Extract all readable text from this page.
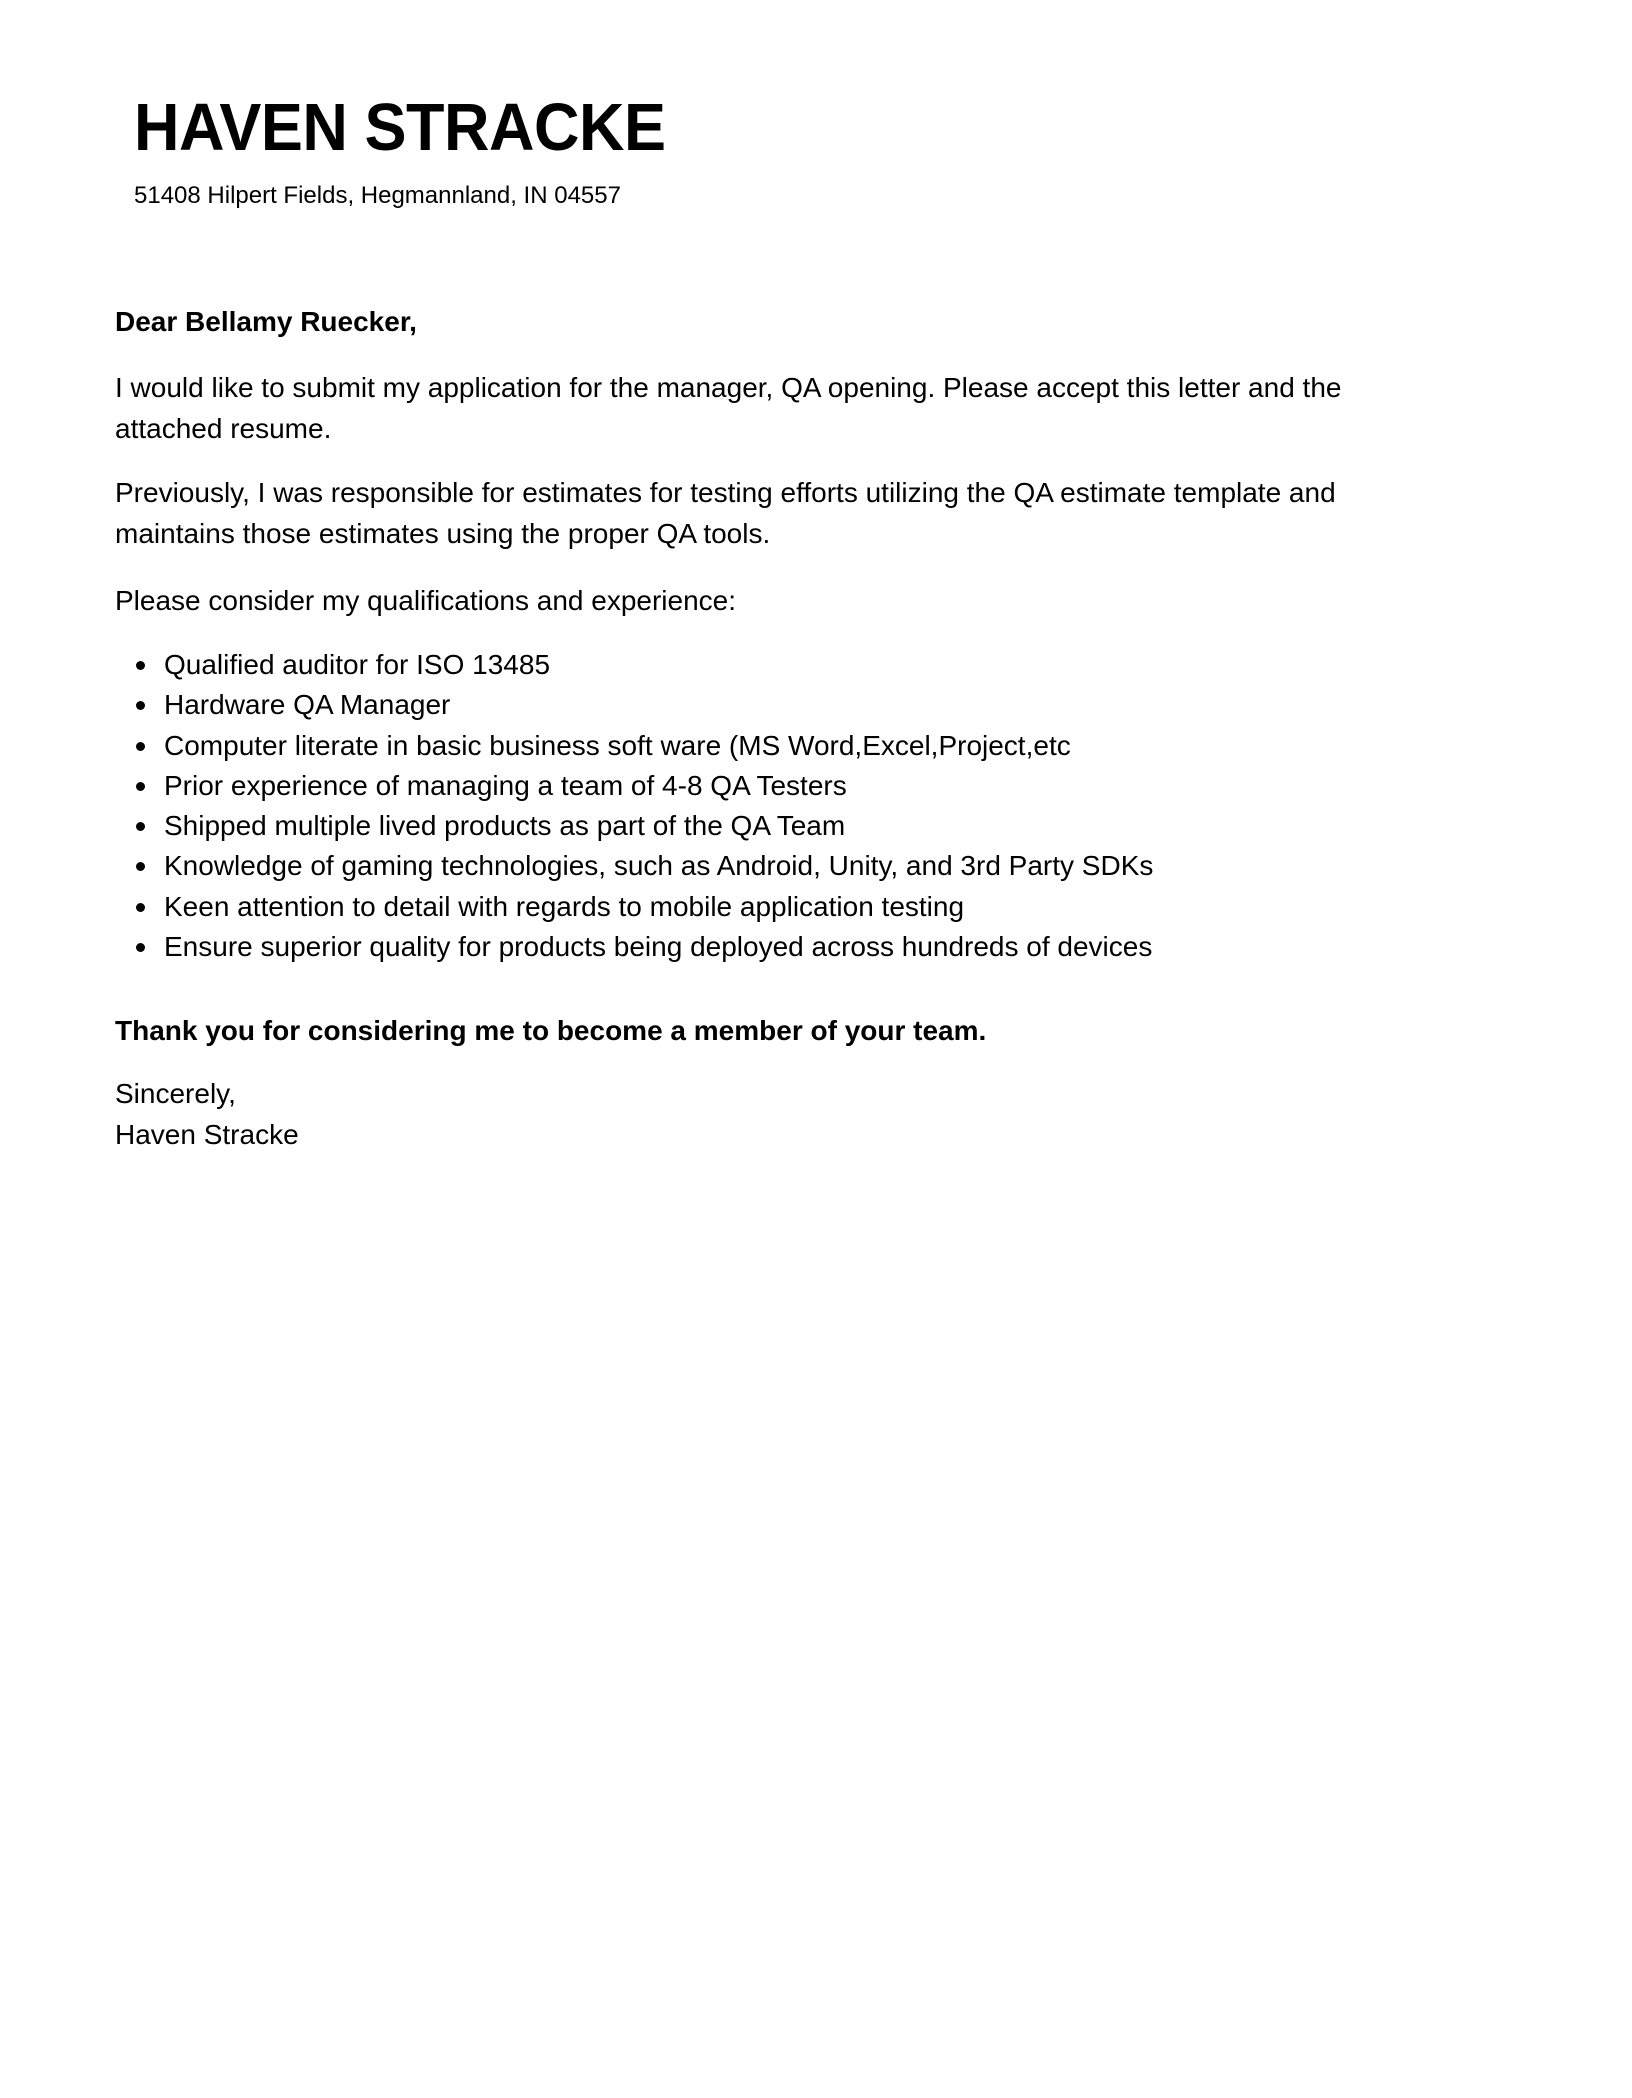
HAVEN STRACKE

51408 Hilpert Fields, Hegmannland, IN 04557

Dear Bellamy Ruecker,

I would like to submit my application for the manager, QA opening. Please accept this letter and the
attached resume.

Previously, I was responsible for estimates for testing efforts utilizing the QA estimate template and
maintains those estimates using the proper QA tools.

Please consider my qualifications and experience:

Qualified auditor for ISO 13485
Hardware QA Manager
Computer literate in basic business soft ware (MS Word,Excel,Project,etc
Prior experience of managing a team of 4-8 QA Testers
Shipped multiple lived products as part of the QA Team
Knowledge of gaming technologies, such as Android, Unity, and 3rd Party SDKs
Keen attention to detail with regards to mobile application testing
Ensure superior quality for products being deployed across hundreds of devices

Thank you for considering me to become a member of your team.

Sincerely,
Haven Stracke
